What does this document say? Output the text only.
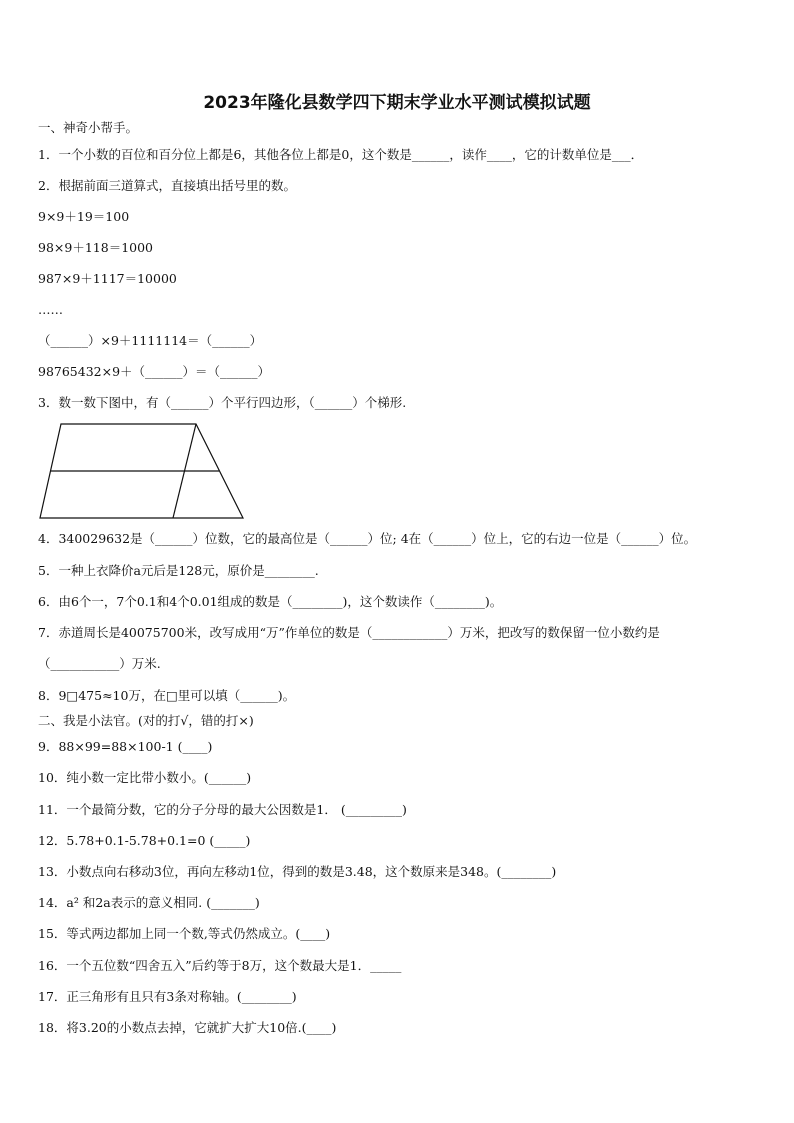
2023年隆化县数学四下期末学业水平测试模拟试题
一、神奇小帮手。
1．一个小数的百位和百分位上都是6，其他各位上都是0，这个数是______，读作____，它的计数单位是___．
2．根据前面三道算式，直接填出括号里的数。
9×9＋19＝100
98×9＋118＝1000
987×9＋1117＝10000
……
（______）×9＋1111114＝（______）
98765432×9＋（______）＝（______）
3．数一数下图中，有（______）个平行四边形，（______）个梯形.
4．340029632是（______）位数，它的最高位是（______）位; 4在（______）位上，它的右边一位是（______）位。
5．一种上衣降价a元后是128元，原价是________.
6．由6个一，7个0.1和4个0.01组成的数是（________)，这个数读作（________)。
7．赤道周长是40075700米，改写成用“万”作单位的数是（____________）万米，把改写的数保留一位小数约是
（___________）万米.
8．9□475≈10万，在□里可以填（______)。
二、我是小法官。(对的打√，错的打×)
9．88×99=88×100-1 (____)
10．纯小数一定比带小数小。(______)
11．一个最简分数，它的分子分母的最大公因数是1． (_________)
12．5.78+0.1-5.78+0.1=0 (_____)
13．小数点向右移动3位，再向左移动1位，得到的数是3.48，这个数原来是348。(________)
14．a² 和2a表示的意义相同. (_______)
15．等式两边都加上同一个数,等式仍然成立。(____)
16．一个五位数“四舍五入”后约等于8万，这个数最大是1．_____
17．正三角形有且只有3条对称轴。(________)
18．将3.20的小数点去掉，它就扩大扩大10倍.(____)
